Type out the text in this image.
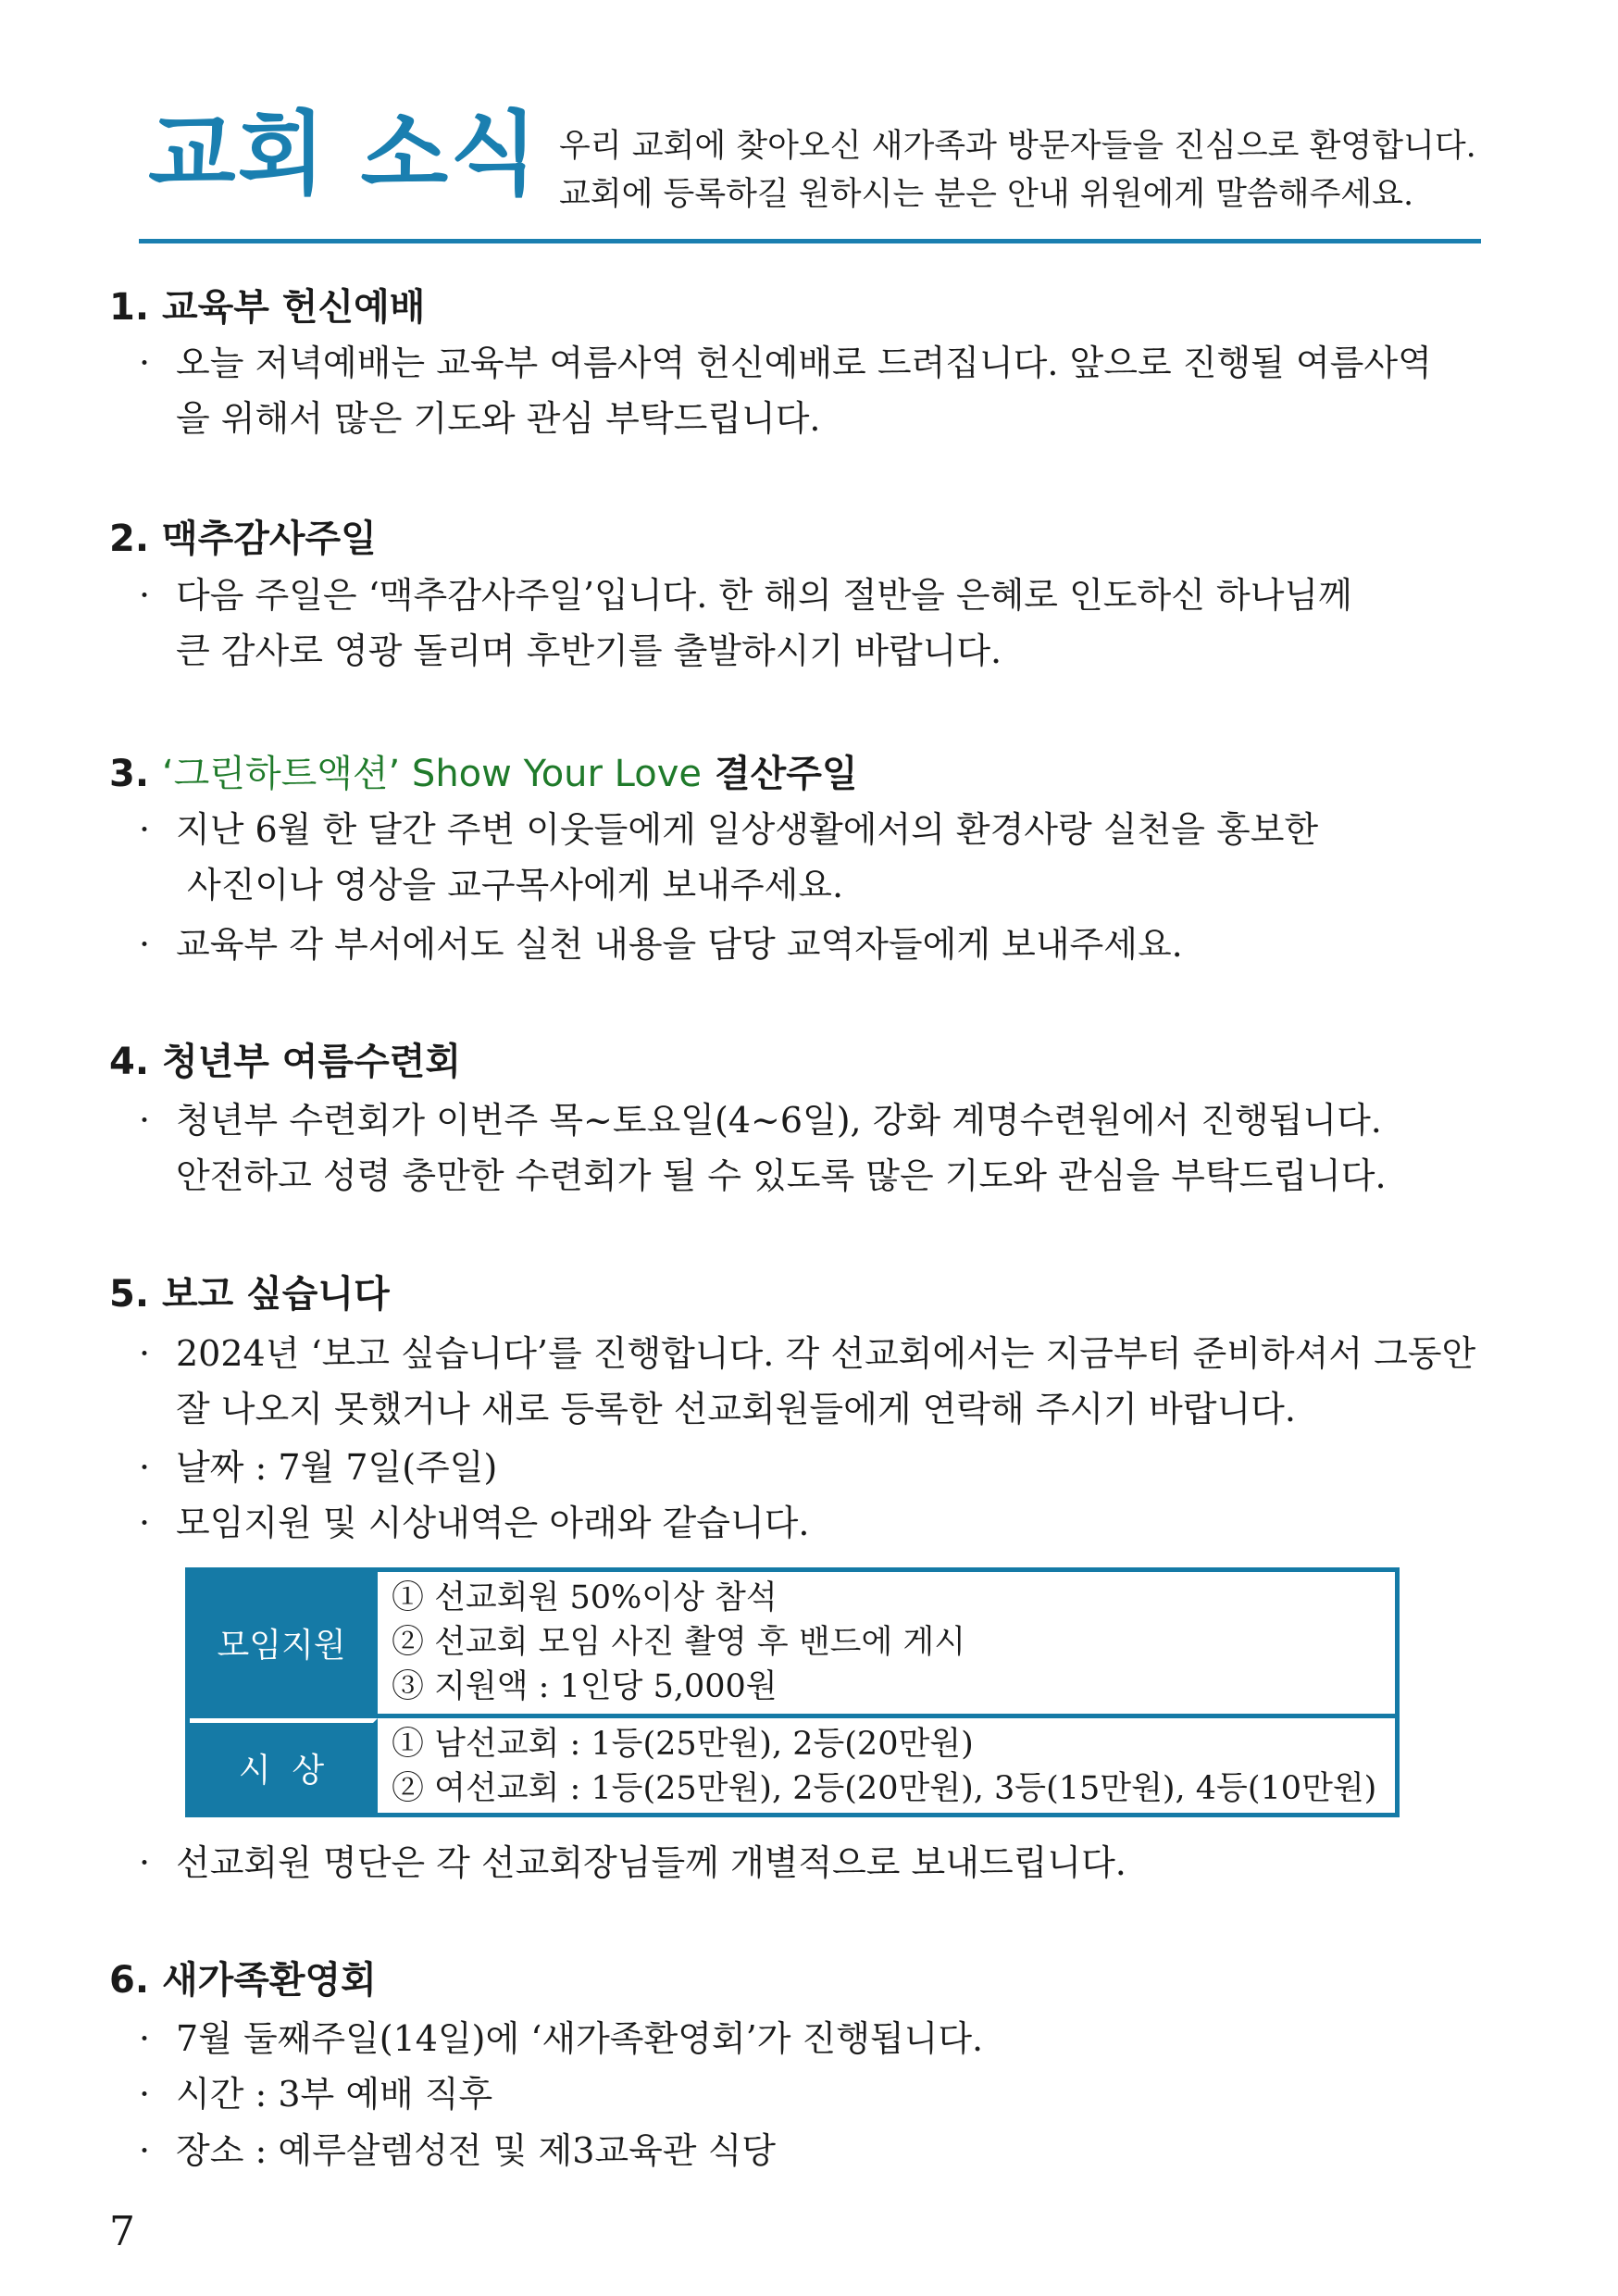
교회 소식 우리 교회에 찾아오신 새가족과 방문자들을 진심으로 환영합니다.
교회에 등록하길 원하시는 분은 안내 위원에게 말씀해주세요.
1. 교육부 헌신예배
· 오늘 저녁예배는 교육부 여름사역 헌신예배로 드려집니다. 앞으로 진행될 여름사역
을 위해서 많은 기도와 관심 부탁드립니다.
2. 맥추감사주일
· 다음 주일은 ‘맥추감사주일’입니다. 한 해의 절반을 은혜로 인도하신 하나님께
큰 감사로 영광 돌리며 후반기를 출발하시기 바랍니다.
3. ‘그린하트액션’ Show Your Love 결산주일
· 지난 6월 한 달간 주변 이웃들에게 일상생활에서의 환경사랑 실천을 홍보한
사진이나 영상을 교구목사에게 보내주세요.
· 교육부 각 부서에서도 실천 내용을 담당 교역자들에게 보내주세요.
4. 청년부 여름수련회
· 청년부 수련회가 이번주 목~토요일(4~6일), 강화 계명수련원에서 진행됩니다.
안전하고 성령 충만한 수련회가 될 수 있도록 많은 기도와 관심을 부탁드립니다.
5. 보고 싶습니다
· 2024년 ‘보고 싶습니다’를 진행합니다. 각 선교회에서는 지금부터 준비하셔서 그동안
잘 나오지 못했거나 새로 등록한 선교회원들에게 연락해 주시기 바랍니다.
· 날짜 : 7월 7일(주일)
· 모임지원 및 시상내역은 아래와 같습니다.
모임지원
① 선교회원 50%이상 참석
② 선교회 모임 사진 촬영 후 밴드에 게시
③ 지원액 : 1인당 5,000원
시  상
① 남선교회 : 1등(25만원), 2등(20만원)
② 여선교회 : 1등(25만원), 2등(20만원), 3등(15만원), 4등(10만원)
· 선교회원 명단은 각 선교회장님들께 개별적으로 보내드립니다.
6. 새가족환영회
· 7월 둘째주일(14일)에 ‘새가족환영회’가 진행됩니다.
· 시간 : 3부 예배 직후
· 장소 : 예루살렘성전 및 제3교육관 식당
7
